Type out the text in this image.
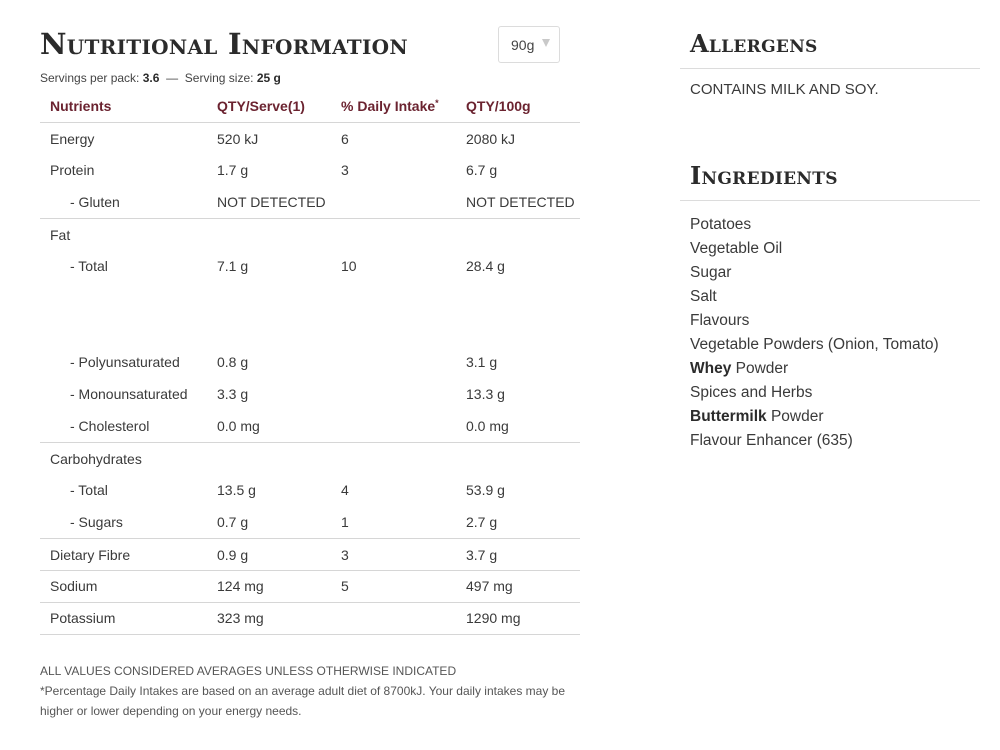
Nutritional Information	90g
Servings per pack: 3.6 — Serving size: 25 g
Nutrients	QTY/Serve(1)	% Daily Intake*	QTY/100g
Energy	520 kJ	6	2080 kJ
Protein	1.7 g	3	6.7 g
- Gluten	NOT DETECTED		NOT DETECTED
Fat			
- Total	7.1 g	10	28.4 g

- Polyunsaturated	0.8 g		3.1 g
- Monounsaturated	3.3 g		13.3 g
- Cholesterol	0.0 mg		0.0 mg
Carbohydrates			
- Total	13.5 g	4	53.9 g
- Sugars	0.7 g	1	2.7 g
Dietary Fibre	0.9 g	3	3.7 g
Sodium	124 mg	5	497 mg
Potassium	323 mg		1290 mg
ALL VALUES CONSIDERED AVERAGES UNLESS OTHERWISE INDICATED
*Percentage Daily Intakes are based on an average adult diet of 8700kJ. Your daily intakes may be higher or lower depending on your energy needs.
Allergens
CONTAINS MILK AND SOY.
Ingredients
Potatoes
Vegetable Oil
Sugar
Salt
Flavours
Vegetable Powders (Onion, Tomato)
Whey Powder
Spices and Herbs
Buttermilk Powder
Flavour Enhancer (635)
